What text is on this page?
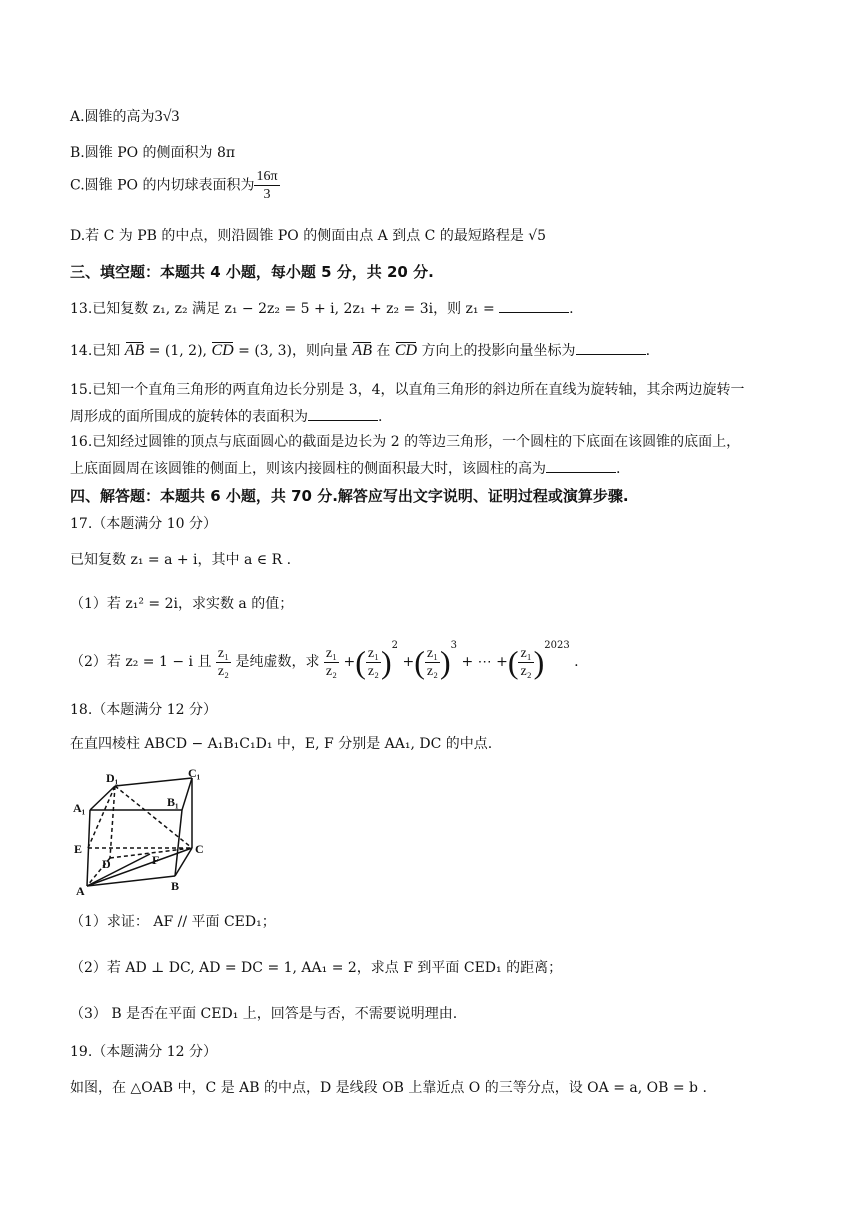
A.圆锥的高为3√3
B.圆锥 PO 的侧面积为 8π
C.圆锥 PO 的内切球表面积为 $\frac{16\pi}{3}$
D.若 C 为 PB 的中点，则沿圆锥 PO 的侧面由点 A 到点 C 的最短路程是 √5
三、填空题：本题共 4 小题，每小题 5 分，共 20 分.
13.已知复数 z₁, z₂ 满足 z₁ − 2z₂ = 5 + i, 2z₁ + z₂ = 3i，则 z₁ =	.
14.已知 AB = (1, 2), CD = (3, 3)，则向量 AB 在 CD 方向上的投影向量坐标为	.
15.已知一个直角三角形的两直角边长分别是 3，4，以直角三角形的斜边所在直线为旋转轴，其余两边旋转一
周形成的面所围成的旋转体的表面积为	.
16.已知经过圆锥的顶点与底面圆心的截面是边长为 2 的等边三角形，一个圆柱的下底面在该圆锥的底面上，
上底面圆周在该圆锥的侧面上，则该内接圆柱的侧面积最大时，该圆柱的高为	.
四、解答题：本题共 6 小题，共 70 分.解答应写出文字说明、证明过程或演算步骤.
17.（本题满分 10 分）
已知复数 z₁ = a + i，其中 a ∈ R .
（1）若 z₁² = 2i，求实数 a 的值；
（2）若 z₂ = 1 − i 且 $\frac{\text{z₁}}{\text{z₂}}$ 是纯虚数，求 $\frac{\text{z₁}}{\text{z₂}}$ +( $\frac{\text{z₁}}{\text{z₂}} )^2$ +( $\frac{\text{z₁}}{\text{z₂}} )^3$ + ⋯ +( $\frac{\text{z₁}}{\text{z₂}} )^{2023}$ .
18.（本题满分 12 分）
在直四棱柱 ABCD − A₁B₁C₁D₁ 中，E, F 分别是 AA₁, DC 的中点.
D₁	C₁
A₁	B₁
E
D
C
F
A	B
（1）求证： AF // 平面 CED₁；
（2）若 AD ⊥ DC, AD = DC = 1, AA₁ = 2，求点 F 到平面 CED₁ 的距离；
（3） B 是否在平面 CED₁ 上，回答是与否，不需要说明理由.
19.（本题满分 12 分）
如图，在 △OAB 中，C 是 AB 的中点，D 是线段 OB 上靠近点 O 的三等分点，设 OA = a, OB = b .
